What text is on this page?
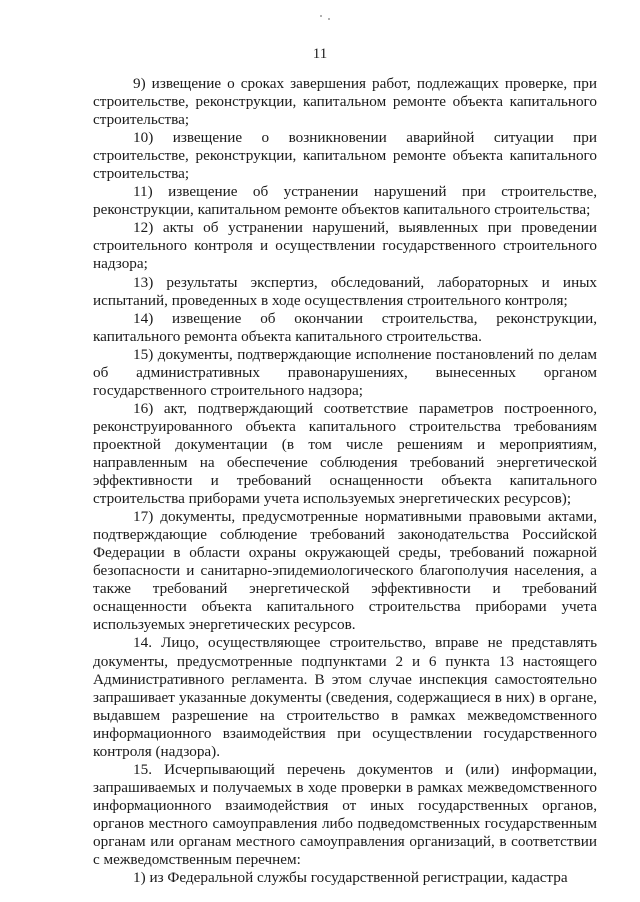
11

9) извещение о сроках завершения работ, подлежащих проверке, при строительстве, реконструкции, капитальном ремонте объекта капитального строительства;

10) извещение о возникновении аварийной ситуации при строительстве, реконструкции, капитальном ремонте объекта капитального строительства;

11) извещение об устранении нарушений при строительстве, реконструкции, капитальном ремонте объектов капитального строительства;

12) акты об устранении нарушений, выявленных при проведении строительного контроля и осуществлении государственного строительного надзора;

13) результаты экспертиз, обследований, лабораторных и иных испытаний, проведенных в ходе осуществления строительного контроля;

14) извещение об окончании строительства, реконструкции, капитального ремонта объекта капитального строительства.

15) документы, подтверждающие исполнение постановлений по делам об административных правонарушениях, вынесенных органом государственного строительного надзора;

16) акт, подтверждающий соответствие параметров построенного, реконструированного объекта капитального строительства требованиям проектной документации (в том числе решениям и мероприятиям, направленным на обеспечение соблюдения требований энергетической эффективности и требований оснащенности объекта капитального строительства приборами учета используемых энергетических ресурсов);

17) документы, предусмотренные нормативными правовыми актами, подтверждающие соблюдение требований законодательства Российской Федерации в области охраны окружающей среды, требований пожарной безопасности и санитарно-эпидемиологического благополучия населения, а также требований энергетической эффективности и требований оснащенности объекта капитального строительства приборами учета используемых энергетических ресурсов.

14. Лицо, осуществляющее строительство, вправе не представлять документы, предусмотренные подпунктами 2 и 6 пункта 13 настоящего Административного регламента. В этом случае инспекция самостоятельно запрашивает указанные документы (сведения, содержащиеся в них) в органе, выдавшем разрешение на строительство в рамках межведомственного информационного взаимодействия при осуществлении государственного контроля (надзора).

15. Исчерпывающий перечень документов и (или) информации, запрашиваемых и получаемых в ходе проверки в рамках межведомственного информационного взаимодействия от иных государственных органов, органов местного самоуправления либо подведомственных государственным органам или органам местного самоуправления организаций, в соответствии с межведомственным перечнем:

1) из Федеральной службы государственной регистрации, кадастра
